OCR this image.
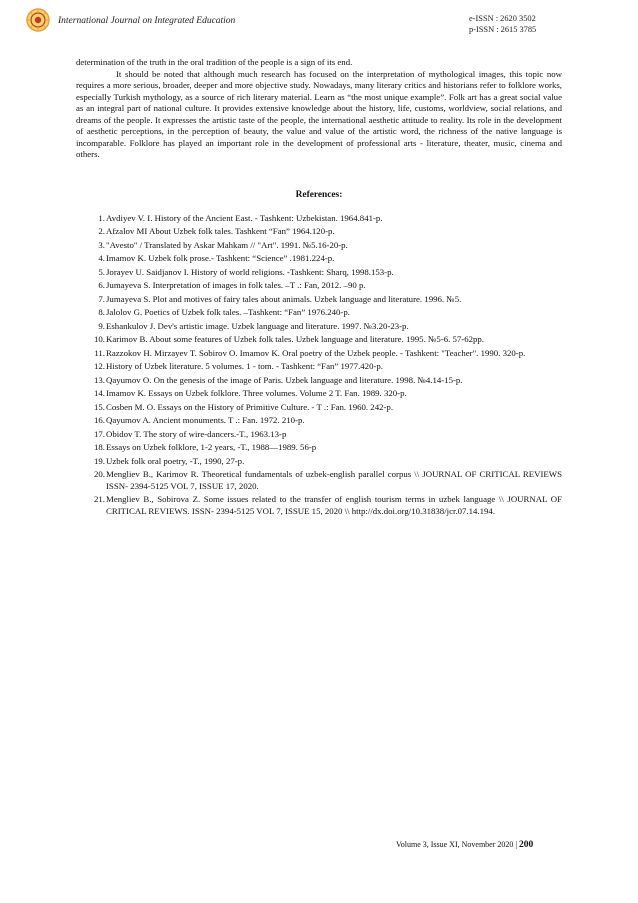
International Journal on Integrated Education	e-ISSN : 2620 3502
p-ISSN : 2615 3785

determination of the truth in the oral tradition of the people is a sign of its end.

It should be noted that although much research has focused on the interpretation of mythological images, this topic now requires a more serious, broader, deeper and more objective study. Nowadays, many literary critics and historians refer to folklore works, especially Turkish mythology, as a source of rich literary material. Learn as “the most unique example”. Folk art has a great social value as an integral part of national culture. It provides extensive knowledge about the history, life, customs, worldview, social relations, and dreams of the people. It expresses the artistic taste of the people, the international aesthetic attitude to reality. Its role in the development of aesthetic perceptions, in the perception of beauty, the value and value of the artistic word, the richness of the native language is incomparable. Folklore has played an important role in the development of professional arts - literature, theater, music, cinema and others.

References:
1. Avdiyev V. I. History of the Ancient East. - Tashkent: Uzbekistan. 1964.841-p.
2. Afzalov MI About Uzbek folk tales. Tashkent “Fan” 1964.120-p.
3. "Avesto" / Translated by Askar Mahkam // "Art". 1991. №5.16-20-p.
4. Imamov K. Uzbek folk prose.- Tashkent: “Science” .1981.224-p.
5. Jorayev U. Saidjanov I. History of world religions. -Tashkent: Sharq, 1998.153-p.
6. Jumayeva S. Interpretation of images in folk tales. –T .: Fan, 2012. –90 p.
7. Jumayeva S. Plot and motives of fairy tales about animals. Uzbek language and literature. 1996. №5.
8. Jalolov G. Poetics of Uzbek folk tales. –Tashkent: “Fan” 1976.240-p.
9. Eshankulov J. Dev's artistic image. Uzbek language and literature. 1997. №3.20-23-p.
10. Karimov B. About some features of Uzbek folk tales. Uzbek language and literature. 1995. №5-6. 57-62pp.
11. Razzokov H. Mirzayev T. Sobirov O. Imamov K. Oral poetry of the Uzbek people. - Tashkent: "Teacher". 1990. 320-p.
12. History of Uzbek literature. 5 volumes. 1 - tom. - Tashkent: “Fan” 1977.420-p.
13. Qayumov O. On the genesis of the image of Paris. Uzbek language and literature. 1998. №4.14-15-p.
14. Imamov K. Essays on Uzbek folklore. Three volumes. Volume 2 T. Fan. 1989. 320-p.
15. Cosben M. O. Essays on the History of Primitive Culture. - T .: Fan. 1960. 242-p.
16. Qayumov A. Ancient monuments. T .: Fan. 1972. 210-p.
17. Obidov T. The story of wire-dancers.-T., 1963.13-p
18. Essays on Uzbek folklore, 1-2 years, -T., 1988—1989. 56-p
19. Uzbek folk oral poetry, -T., 1990, 27-p.
20. Mengliev B., Karimov R. Theoretical fundamentals of uzbek-english parallel corpus \\ JOURNAL OF CRITICAL REVIEWS ISSN- 2394-5125 VOL 7, ISSUE 17, 2020.
21. Mengliev B., Sobirova Z. Some issues related to the transfer of english tourism terms in uzbek language \\ JOURNAL OF CRITICAL REVIEWS. ISSN- 2394-5125 VOL 7, ISSUE 15, 2020 \\ http://dx.doi.org/10.31838/jcr.07.14.194.
Volume 3, Issue XI, November 2020 | 200
